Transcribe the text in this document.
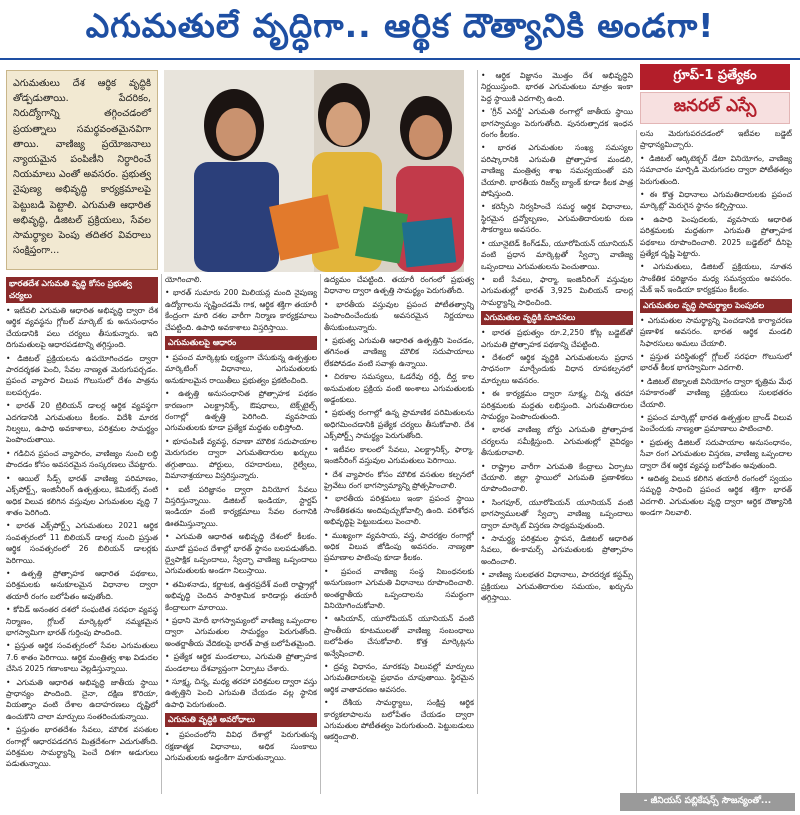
ఎగుమతులే వృద్ధిగా.. ఆర్థిక దౌత్యానికి అండగా!
ఎగుమతులు దేశ ఆర్థిక వృద్ధికి తోడ్పడుతాయి. పేదరికం, నిరుద్యోగాన్ని తగ్గించడంలో ప్రయత్నాలు సమర్థవంతమైనవిగా తాయి. వాణిజ్య ప్రయోజనాలు న్యాయమైన పంపిణీని నిర్ధారించే నియమాలు ఎంతో అవసరం. ప్రభుత్వ నైపుణ్య అభివృద్ధి కార్యక్రమాలపై పెట్టుబడి పెట్టాలి. ఎగుమతి ఆధారిత అభివృద్ధి, డిజిటల్ ప్రక్రియలు, సేవల సామర్థ్యాల పెంపు తదితర వివరాలు సంక్షిప్తంగా...
భారతదేశ ఎగుమతి వృద్ధి కోసం ప్రభుత్వ చర్యలు

• ఇటీవలి ఎగుమతి ఆధారిత అభివృద్ధి ద్వారా దేశ ఆర్థిక వ్యవస్థను గ్లోబల్ మార్కెట్ కు అనుసంధానం చేయడానికి పలు చర్యలు తీసుకున్నారు. ఇది దిగుమతులపై ఆధారపడటాన్ని తగ్గిస్తుంది.

• డిజిటల్ ప్రక్రియలను ఉపయోగించడం ద్వారా పారదర్శకత పెంచి, సేవల నాణ్యత మెరుగుపర్చడం. ప్రపంచ వ్యాపార విలువ గొలుసులో దేశం పాత్రను బలపర్చడం.

• భారత్ 20 ట్రిలియన్ డాలర్ల ఆర్థిక వ్యవస్థగా ఎదగడానికి ఎగుమతులు కీలకం. విదేశీ మారక నిల్వలు, ఉపాధి అవకాశాలు, పరిశ్రమల సామర్థ్యం పెంపొందుతాయి.

• గడిచిన ప్రపంచ వ్యాపారం, వాణిజ్యం నుంచి లబ్ధి పొందడం కోసం అవసరమైన సంస్కరణలు చేపట్టారు.

• ఆయిల్ సీడ్స్ భారత్ వాణిజ్య పరిమాణం, ఎక్స్‌పోర్ట్స్, ఇంజినీరింగ్ ఉత్పత్తులు, కెమికల్స్ వంటి అధిక విలువ కలిగిన వస్తువుల ఎగుమతుల వృద్ధి 7 శాతం పెరిగింది.

• భారత ఎక్స్‌పోర్ట్స్ ఎగుమతులు 2021 ఆర్థిక సంవత్సరంలో 11 బిలియన్ డాలర్ల నుంచి ప్రస్తుత ఆర్థిక సంవత్సరంలో 26 బిలియన్ డాలర్లకు పెరిగాయి.

• ఉత్పత్తి ప్రోత్సాహక ఆధారిత పథకాలు, పరిశ్రమలకు అనుకూలమైన విధానాల ద్వారా తయారీ రంగం బలోపేతం అవుతోంది.

• కోవిడ్ అనంతర దశలో సంఘటిత సరఫరా వ్యవస్థ నిర్మాణం, గ్లోబల్ మార్కెట్లలో నమ్మకమైన భాగస్వామిగా భారత్ గుర్తింపు పొందింది.

• ప్రస్తుత ఆర్థిక సంవత్సరంలో సేవల ఎగుమతులు 7.6 శాతం పెరిగాయి. ఆర్థిక మంత్రిత్వ శాఖ విడుదల చేసిన 2025 గణాంకాలు వెల్లడిస్తున్నాయి.

• ఎగుమతి ఆధారిత అభివృద్ధి జాతీయ స్థాయి ప్రాధాన్యం పొందింది. చైనా, దక్షిణ కొరియా, వియత్నాం వంటి దేశాల ఉదాహరణలు దృష్టిలో ఉంచుకొని చాలా మార్పులు సంతరించుకున్నాయి.

• ప్రస్తుతం భారతదేశం సేవలు, మౌలిక వసతుల రంగాల్లో ఆధారపడదగిన మిత్రదేశంగా ఎదుగుతోంది. పరిశ్రమల సామర్థ్యాన్ని పెంచే దిశగా అడుగులు పడుతున్నాయి.

యోగించాలి.

• భారత్ సుమారు 200 మిలియన్ల మంది నైపుణ్య ఉద్యోగాలను సృష్టించడమే గాక, ఆర్థిక శక్తిగా తయారీ కేంద్రంగా మారి దశల వారీగా నిర్మాణ కార్యక్రమాలు చేపట్టింది. ఉపాధి అవకాశాలు విస్తరిస్తాయి.

ఎగుమతులపై ఆధారం

• ప్రపంచ మార్కెట్లకు లక్ష్యంగా చేసుకున్న ఉత్పత్తుల మార్కెటింగ్ విధానాలు, ఎగుమతులకు అనుకూలమైన రాయితీలు ప్రభుత్వం ప్రకటించింది.

• ఉత్పత్తి అనుసంధానిత ప్రోత్సాహక పథకం కారణంగా ఎలక్ట్రానిక్స్, ఔషధాలు, టెక్స్‌టైల్స్ రంగాల్లో ఉత్పత్తి పెరిగింది. వ్యవసాయ ఎగుమతులకు కూడా ప్రత్యేక మద్దతు లభిస్తోంది.

• భూపంపిణీ వ్యవస్థ, రవాణా మౌలిక సదుపాయాల మెరుగుదల ద్వారా ఎగుమతిదారుల ఖర్చులు తగ్గుతాయి. పోర్టులు, రహదారులు, రైల్వేలు, విమానాశ్రయాలు విస్తరిస్తున్నారు.

• ఐటీ పరిజ్ఞానం ద్వారా వినియోగ సేవలు విస్తరిస్తున్నాయి. డిజిటల్ ఇండియా, స్టార్టప్ ఇండియా వంటి కార్యక్రమాలు సేవల రంగానికి ఊతమిస్తున్నాయి.

• ఎగుమతి ఆధారిత అభివృద్ధి దేశంలో కీలకం. మూడో ప్రపంచ దేశాల్లో భారత్ స్థానం బలపడుతోంది. ద్వైపాక్షిక ఒప్పందాలు, స్వేచ్ఛా వాణిజ్య ఒప్పందాలు ఎగుమతులకు అండగా నిలుస్తాయి.

• తమిళనాడు, కర్ణాటక, ఉత్తరప్రదేశ్ వంటి రాష్ట్రాల్లో అభివృద్ధి చెందిన పారిశ్రామిక కారిడార్లు తయారీ కేంద్రాలుగా మారాయి.

• ప్రధాని మోదీ భాగస్వామ్యంలో వాణిజ్య ఒప్పందాల ద్వారా ఎగుమతుల సామర్థ్యం పెరుగుతోంది. అంతర్జాతీయ వేదికలపై భారత్ పాత్ర బలోపేతమైంది.

• ప్రత్యేక ఆర్థిక మండలాలు, ఎగుమతి ప్రోత్సాహక మండలాలు దేశవ్యాప్తంగా ఏర్పాటు చేశారు.

• సూక్ష్మ, చిన్న, మధ్య తరహా పరిశ్రమల ద్వారా వస్తు ఉత్పత్తిని పెంచి ఎగుమతి చేయడం వల్ల స్థానిక ఉపాధి పెరుగుతుంది.

ఎగుమతి వృద్ధికి అవరోధాలు

• ప్రపంచంలోని వివిధ దేశాల్లో పెరుగుతున్న రక్షణాత్మక విధానాలు, అధిక సుంకాలు ఎగుమతులకు అడ్డంకిగా మారుతున్నాయి.

ఉద్యమం చేపట్టింది. తయారీ రంగంలో ప్రభుత్వ విధానాల ద్వారా ఉత్పత్తి సామర్థ్యం పెరుగుతోంది.

• భారతీయ వస్తువుల ప్రపంచ పోటీతత్వాన్ని పెంపొందించేందుకు అవసరమైన నిర్ణయాలు తీసుకుంటున్నారు.

• ప్రభుత్వ ఎగుమతి ఆధారిత ఉత్పత్తిని పెంచడం, తగినంత వాణిజ్య మౌలిక సదుపాయాలు లేకపోవడం వంటి సవాళ్లు ఉన్నాయి.

• చిరకాల సమస్యలు, ఓడరేవు రద్దీ, దీర్ఘ కాల అనుమతుల ప్రక్రియ వంటి అంశాలు ఎగుమతులకు అడ్డంకులు.

• ప్రభుత్వ రంగాల్లో ఉన్న ప్రామాణిక పరిమితులను అధిగమించడానికి ప్రత్యేక చర్యలు తీసుకోవాలి. దేశ ఎక్స్‌పోర్ట్స్ సామర్థ్యం పెరుగుతోంది.

• ఇటీవల కాలంలో సేవలు, ఎలక్ట్రానిక్స్, ఫార్మా, ఇంజినీరింగ్ వస్తువుల ఎగుమతులు పెరిగాయి.

• దేశ వ్యాపారం కోసం మౌలిక వసతుల కల్పనలో ప్రైవేటు రంగ భాగస్వామ్యాన్ని ప్రోత్సహించాలి.

• భారతీయ పరిశ్రమలు ఇంకా ప్రపంచ స్థాయి సాంకేతికతను అందిపుచ్చుకోవాల్సి ఉంది. పరిశోధన అభివృద్ధిపై పెట్టుబడులు పెంచాలి.

• ముఖ్యంగా వ్యవసాయ, వస్త్ర, పాదరక్షల రంగాల్లో అధిక విలువ జోడింపు అవసరం. నాణ్యతా ప్రమాణాల పాటింపు కూడా కీలకం.

• ప్రపంచ వాణిజ్య సంస్థ నిబంధనలకు అనుగుణంగా ఎగుమతి విధానాలు రూపొందించాలి. అంతర్జాతీయ ఒప్పందాలను సమర్థంగా వినియోగించుకోవాలి.

• ఆసియాన్, యూరోపియన్ యూనియన్ వంటి ప్రాంతీయ కూటములతో వాణిజ్య సంబంధాలు బలోపేతం చేసుకోవాలి. కొత్త మార్కెట్లను అన్వేషించాలి.

• ద్రవ్య విధానం, మారకపు విలువల్లో మార్పులు ఎగుమతిదారులపై ప్రభావం చూపుతాయి. స్థిరమైన ఆర్థిక వాతావరణం అవసరం.

• దేశీయ సామర్థ్యాలు, సంక్షిప్త ఆర్థిక కార్యకలాపాలను బలోపేతం చేయడం ద్వారా ఎగుమతుల పోటీతత్వం పెరుగుతుంది. పెట్టుబడులు ఆకర్షించాలి.

• ఆర్థిక విజ్ఞానం మొత్తం దేశ అభివృద్ధిని నిర్ణయిస్తుంది. భారత ఎగుమతులు మాత్రం ఇంకా పెద్ద స్థాయికి ఎదగాల్సి ఉంది.

• 'గ్రీన్ ఎనర్జీ' ఎగుమతి రంగాల్లో జాతీయ స్థాయి భాగస్వామ్యం పెరుగుతోంది. పునరుత్పాదక ఇంధన రంగం కీలకం.

• భారత ఎగుమతుల సంఖ్య సమస్యల పరిష్కారానికి ఎగుమతి ప్రోత్సాహక మండలి, వాణిజ్య మంత్రిత్వ శాఖ సమన్వయంతో పని చేయాలి. భారతీయ రిజర్వ్ బ్యాంక్ కూడా కీలక పాత్ర పోషిస్తుంది.

• కరెన్సీని నిర్వహించే సమర్థ ఆర్థిక విధానాలు, స్థిరమైన ద్రవ్యోల్బణం, ఎగుమతిదారులకు రుణ సౌకర్యాలు అవసరం.

• యూనైటెడ్ కింగ్‌డమ్, యూరోపియన్ యూనియన్ వంటి ప్రధాన మార్కెట్లతో స్వేచ్ఛా వాణిజ్య ఒప్పందాలు ఎగుమతులను పెంచుతాయి.

• ఐటీ సేవలు, ఫార్మా, ఇంజినీరింగ్ వస్తువుల ఎగుమతుల్లో భారత్ 3,925 మిలియన్ డాలర్ల సామర్థ్యాన్ని సాధించింది.

ఎగుమతుల వృద్ధికి సూచనలు

• భారత ప్రభుత్వం రూ.2,250 కోట్ల బడ్జెట్‌తో ఎగుమతి ప్రోత్సాహక పథకాన్ని చేపట్టింది.

• దేశంలో ఆర్థిక వృద్ధికి ఎగుమతులను ప్రధాన సాధనంగా మార్చేందుకు విధాన రూపకల్పనలో మార్పులు అవసరం.

• ఈ కార్యక్రమం ద్వారా సూక్ష్మ, చిన్న తరహా పరిశ్రమలకు మద్దతు లభిస్తుంది. ఎగుమతిదారుల సామర్థ్యం పెంపొందుతుంది.

• భారత వాణిజ్య బోర్డు ఎగుమతి ప్రోత్సాహక చర్యలను సమీక్షిస్తుంది. ఎగుమతుల్లో వైవిధ్యం తీసుకురావాలి.

• రాష్ట్రాల వారీగా ఎగుమతి కేంద్రాలు ఏర్పాటు చేయాలి. జిల్లా స్థాయిలో ఎగుమతి ప్రణాళికలు రూపొందించాలి.

• సింగపూర్, యూరోపియన్ యూనియన్ వంటి భాగస్వాములతో స్వేచ్ఛా వాణిజ్య ఒప్పందాలు ద్వారా మార్కెట్ విస్తరణ సాధ్యమవుతుంది.

• సామర్థ్య పరిశ్రమల స్థాపన, డిజిటల్ ఆధారిత సేవలు, ఈ-కామర్స్ ఎగుమతులకు ప్రోత్సాహం అందించాలి.

• వాణిజ్య సులభతర విధానాలు, పారదర్శక కస్టమ్స్ ప్రక్రియలు ఎగుమతిదారుల సమయం, ఖర్చును తగ్గిస్తాయి.

గ్రూప్-1 ప్రత్యేకం
జనరల్ ఎస్సే

లను మెరుగుపరచడంలో ఇటీవల బడ్జెట్ ప్రాధాన్యమిచ్చారు.

• డిజిటల్ ఆర్కిటెక్చర్ డేటా వినియోగం, వాణిజ్య సమాచారం మార్పిడి మెరుగుదల ద్వారా పోటీతత్వం పెరుగుతుంది.

• ఈ కొత్త విధానాలు ఎగుమతిదారులకు ప్రపంచ మార్కెట్లో మెరుగైన స్థానం కల్పిస్తాయి.

• ఉపాధి పెంపుదలకు, వ్యవసాయ ఆధారిత పరిశ్రమలకు మద్దతుగా ఎగుమతి ప్రోత్సాహక పథకాలు రూపొందించాలి. 2025 బడ్జెట్‌లో దీనిపై ప్రత్యేక దృష్టి పెట్టారు.

• ఎగుమతులు, డిజిటల్ ప్రక్రియలు, నూతన సాంకేతిక పరిజ్ఞానం మధ్య సమన్వయం అవసరం. మేక్ ఇన్ ఇండియా కార్యక్రమం కీలకం.

ఎగుమతుల వృద్ధి సామర్థ్యాల పెంపుదల

• ఎగుమతుల సామర్థ్యాన్ని పెంచడానికి కార్యాచరణ ప్రణాళిక అవసరం. భారత ఆర్థిక మండలి సిఫారసులు అమలు చేయాలి.

• ప్రస్తుత పరిస్థితుల్లో గ్లోబల్ సరఫరా గొలుసులో భారత్ కీలక భాగస్వామిగా ఎదగాలి.

• డిజిటల్ టెక్నాలజీ వినియోగం ద్వారా కృత్రిమ మేధ సహకారంతో వాణిజ్య ప్రక్రియలు సులభతరం చేయాలి.

• ప్రపంచ మార్కెట్లో భారత ఉత్పత్తుల బ్రాండ్ విలువ పెంచేందుకు నాణ్యతా ప్రమాణాలు పాటించాలి.

• ప్రభుత్వ డిజిటల్ సదుపాయాల అనుసంధానం, సేవా రంగ ఎగుమతుల విస్తరణ, వాణిజ్య ఒప్పందాల ద్వారా దేశ ఆర్థిక వ్యవస్థ బలోపేతం అవుతుంది.

• ఆదిత్య విలువ కలిగిన తయారీ రంగంలో స్వయం సమృద్ధి సాధించి ప్రపంచ ఆర్థిక శక్తిగా భారత్ ఎదగాలి. ఎగుమతుల వృద్ధి ద్వారా ఆర్థిక దౌత్యానికి అండగా నిలవాలి.

- జీనియస్ పబ్లికేషన్స్ సౌజన్యంతో...
